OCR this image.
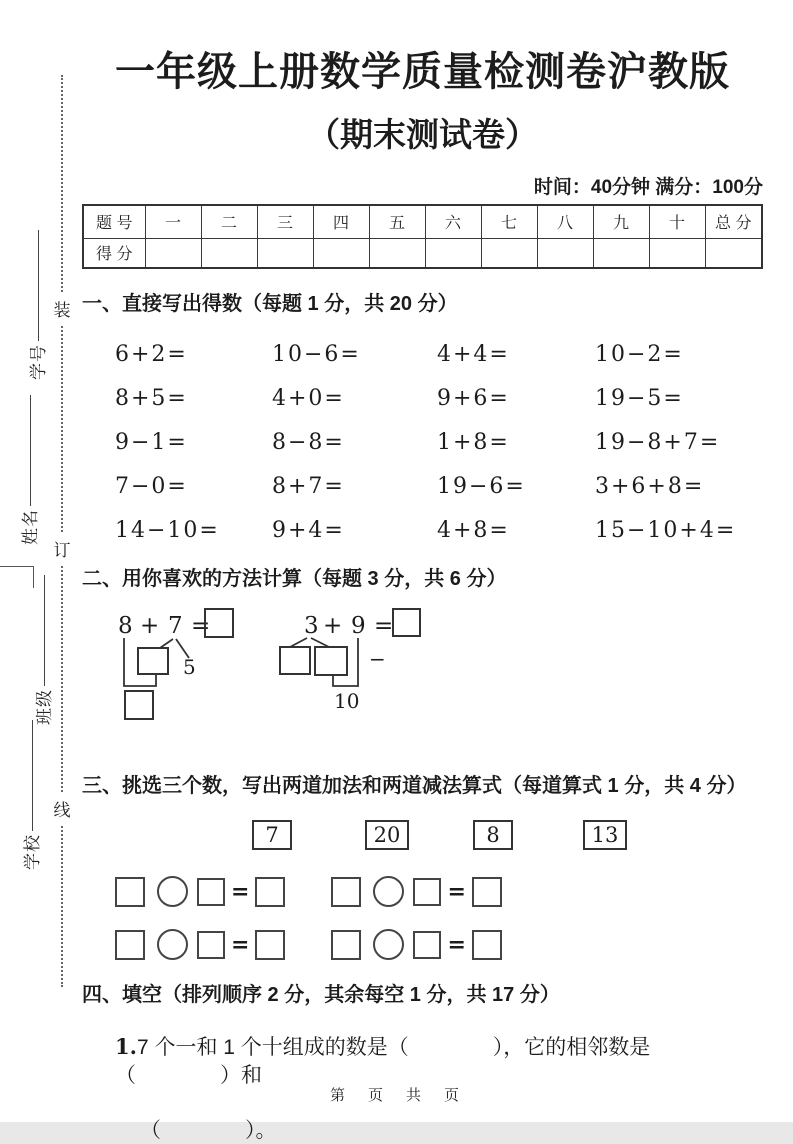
装
订
线
学号
姓名
班级
学校
一年级上册数学质量检测卷沪教版
（期末测试卷）
时间：40分钟 满分：100分
题 号	一	二	三	四	五	六	七	八	九	十	总 分
得 分											
一、直接写出得数（每题 1 分，共 20 分）
6+2=	10−6=	4+4=	10−2=
8+5=	4+0=	9+6=	19−5=
9−1=	8−8=	1+8=	19−8+7=
7−0=	8+7=	19−6=	3+6+8=
14−10=	9+4=	4+8=	15−10+4=
二、用你喜欢的方法计算（每题 3 分，共 6 分）
8 + 7 =
5
3 + 9 =
10
−
三、挑选三个数，写出两道加法和两道减法算式（每道算式 1 分，共 4 分）
7	20	8	13
=	=
=	=
四、填空（排列顺序 2 分，其余每空 1 分，共 17 分）
1.7 个一和 1 个十组成的数是（　　　　），它的相邻数是（　　　　）和
（　　　　）。
第　页　共　页
